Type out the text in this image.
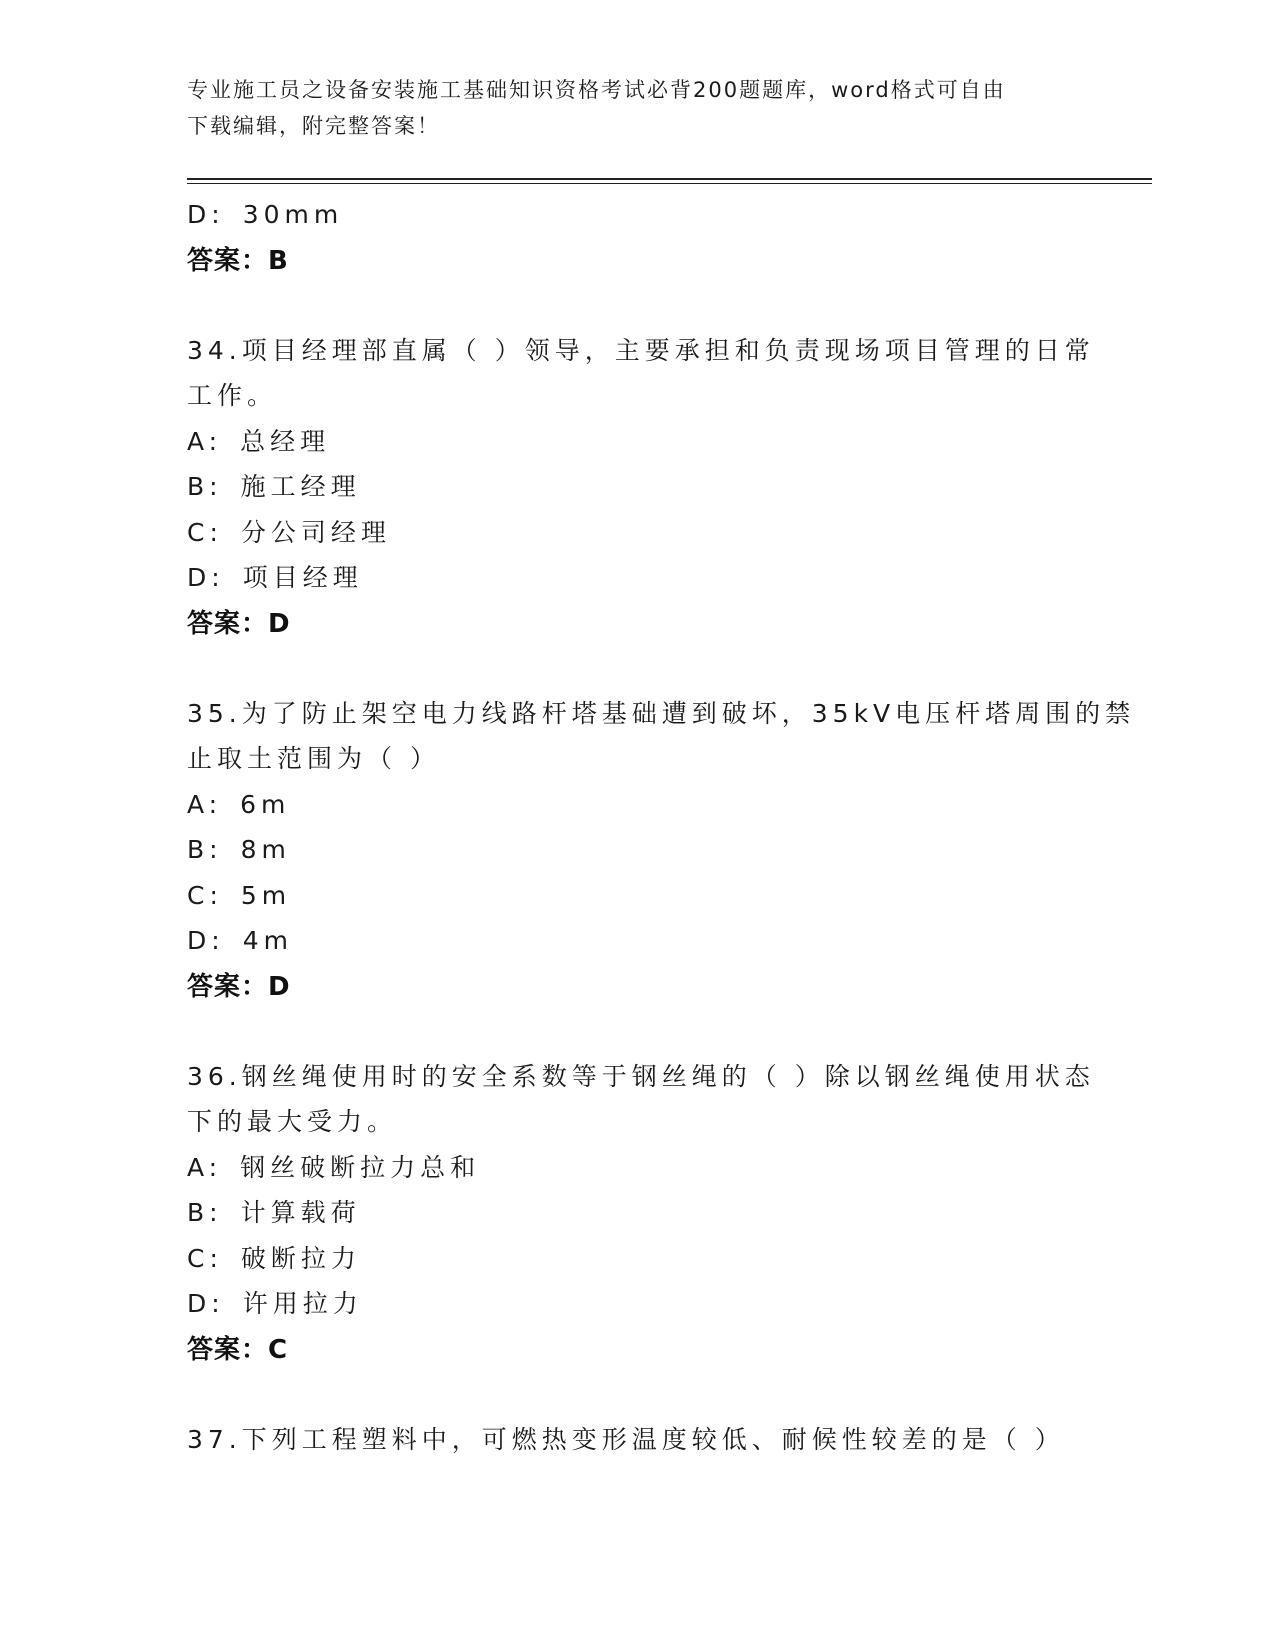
专业施工员之设备安装施工基础知识资格考试必背200题题库，word格式可自由
下载编辑，附完整答案！
D: 30mm
答案：B
34.项目经理部直属（ ）领导，主要承担和负责现场项目管理的日常
工作。
A: 总经理
B: 施工经理
C: 分公司经理
D: 项目经理
答案：D
35.为了防止架空电力线路杆塔基础遭到破坏，35kV电压杆塔周围的禁
止取土范围为（ ）
A: 6m
B: 8m
C: 5m
D: 4m
答案：D
36.钢丝绳使用时的安全系数等于钢丝绳的（ ）除以钢丝绳使用状态
下的最大受力。
A: 钢丝破断拉力总和
B: 计算载荷
C: 破断拉力
D: 许用拉力
答案：C
37.下列工程塑料中，可燃热变形温度较低、耐候性较差的是（ ）
